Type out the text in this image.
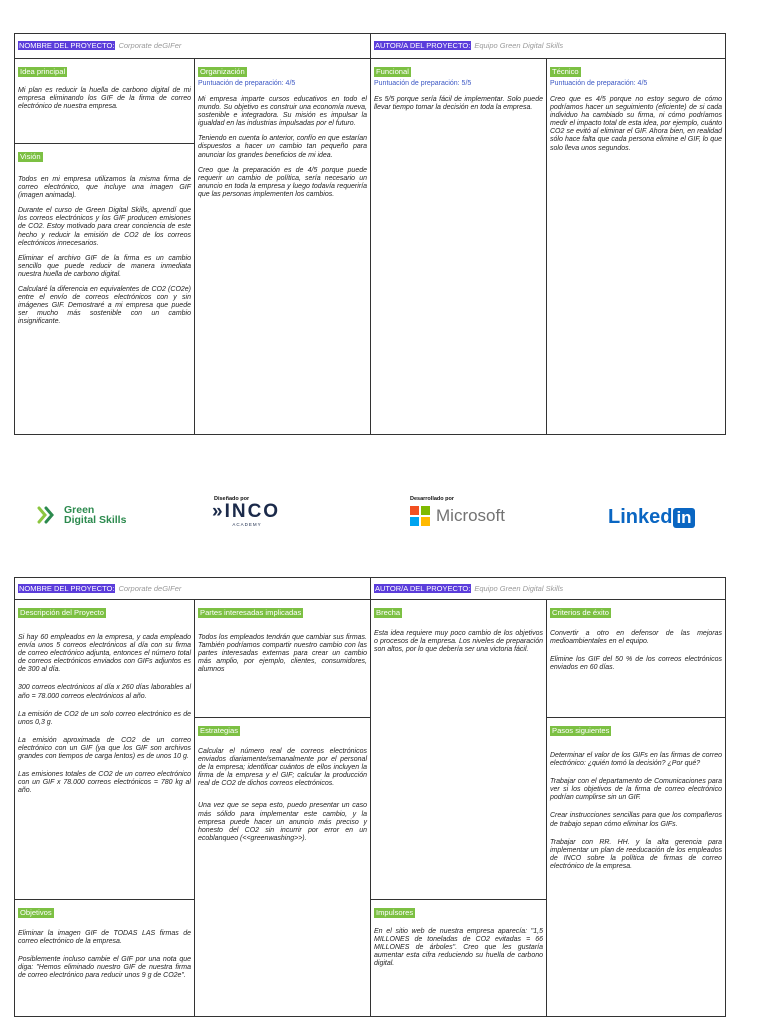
NOMBRE DEL PROYECTO: Corporate deGIFer	AUTOR/A DEL PROYECTO: Equipo Green Digital Skills
Idea principal
Mi plan es reducir la huella de carbono digital de mi empresa eliminando los GIF de la firma de correo electrónico de nuestra empresa.
Visión
Todos en mi empresa utilizamos la misma firma de correo electrónico, que incluye una imagen GIF (imagen animada).
Durante el curso de Green Digital Skills, aprendí que los correos electrónicos y los GIF producen emisiones de CO2. Estoy motivado para crear conciencia de este hecho y reducir la emisión de CO2 de los correos electrónicos innecesarios.
Eliminar el archivo GIF de la firma es un cambio sencillo que puede reducir de manera inmediata nuestra huella de carbono digital.
Calcularé la diferencia en equivalentes de CO2 (CO2e) entre el envío de correos electrónicos con y sin imágenes GIF. Demostraré a mi empresa que puede ser mucho más sostenible con un cambio insignificante.
Organización
Puntuación de preparación: 4/5
Mi empresa imparte cursos educativos en todo el mundo. Su objetivo es construir una economía nueva, sostenible e integradora. Su misión es impulsar la igualdad en las industrias impulsadas por el futuro.
Teniendo en cuenta lo anterior, confío en que estarían dispuestos a hacer un cambio tan pequeño para anunciar los grandes beneficios de mi idea.
Creo que la preparación es de 4/5 porque puede requerir un cambio de política, sería necesario un anuncio en toda la empresa y luego todavía requeriría que las personas implementen los cambios.
Funcional
Puntuación de preparación: 5/5
Es 5/5 porque sería fácil de implementar. Solo puede llevar tiempo tomar la decisión en toda la empresa.
Técnico
Puntuación de preparación: 4/5
Creo que es 4/5 porque no estoy seguro de cómo podríamos hacer un seguimiento (eficiente) de si cada individuo ha cambiado su firma, ni cómo podríamos medir el impacto total de esta idea, por ejemplo, cuánto CO2 se evitó al eliminar el GIF. Ahora bien, en realidad sólo hace falta que cada persona elimine el GIF, lo que solo lleva unos segundos.
Green
Digital Skills
Diseñado por
»INCO
ACADEMY
Desarrollado por
Microsoft	Linked in
NOMBRE DEL PROYECTO: Corporate deGIFer	AUTOR/A DEL PROYECTO: Equipo Green Digital Skills
Descripción del Proyecto
Si hay 60 empleados en la empresa, y cada empleado envía unos 5 correos electrónicos al día con su firma de correo electrónico adjunta, entonces el número total de correos electrónicos enviados con GIFs adjuntos es de 300 al día.
300 correos electrónicos al día x 260 días laborables al año = 78.000 correos electrónicos al año.
La emisión de CO2 de un solo correo electrónico es de unos 0,3 g.
La emisión aproximada de CO2 de un correo electrónico con un GIF (ya que los GIF son archivos grandes con tiempos de carga lentos) es de unos 10 g.
Las emisiones totales de CO2 de un correo electrónico con un GIF x 78.000 correos electrónicos = 780 kg al año.
Objetivos
Eliminar la imagen GIF de TODAS LAS firmas de correo electrónico de la empresa.
Posiblemente incluso cambie el GIF por una nota que diga: "Hemos eliminado nuestro GIF de nuestra firma de correo electrónico para reducir unos 9 g de CO2e".
Partes interesadas implicadas
Todos los empleados tendrán que cambiar sus firmas. También podríamos compartir nuestro cambio con las partes interesadas externas para crear un cambio más amplio, por ejemplo, clientes, consumidores, alumnos
Estrategias
Calcular el número real de correos electrónicos enviados diariamente/semanalmente por el personal de la empresa; identificar cuántos de ellos incluyen la firma de la empresa y el GIF; calcular la producción real de CO2 de dichos correos electrónicos.
Una vez que se sepa esto, puedo presentar un caso más sólido para implementar este cambio, y la empresa puede hacer un anuncio más preciso y honesto del CO2 sin incurrir por error en un ecoblanqueo (<<greenwashing>>).
Brecha
Esta idea requiere muy poco cambio de los objetivos o procesos de la empresa. Los niveles de preparación son altos, por lo que debería ser una victoria fácil.
Impulsores
En el sitio web de nuestra empresa aparecía: "1,5 MILLONES de toneladas de CO2 evitadas = 66 MILLONES de árboles". Creo que les gustaría aumentar esta cifra reduciendo su huella de carbono digital.
Criterios de éxito
Convertir a otro en defensor de las mejoras medioambientales en el equipo.
Elimine los GIF del 50 % de los correos electrónicos enviados en 60 días.
Pasos siguientes
Determinar el valor de los GIFs en las firmas de correo electrónico: ¿quién tomó la decisión? ¿Por qué?
Trabajar con el departamento de Comunicaciones para ver si los objetivos de la firma de correo electrónico podrían cumplirse sin un GIF.
Crear instrucciones sencillas para que los compañeros de trabajo sepan cómo eliminar los GIFs.
Trabajar con RR. HH. y la alta gerencia para implementar un plan de reeducación de los empleados de INCO sobre la política de firmas de correo electrónico de la empresa.
